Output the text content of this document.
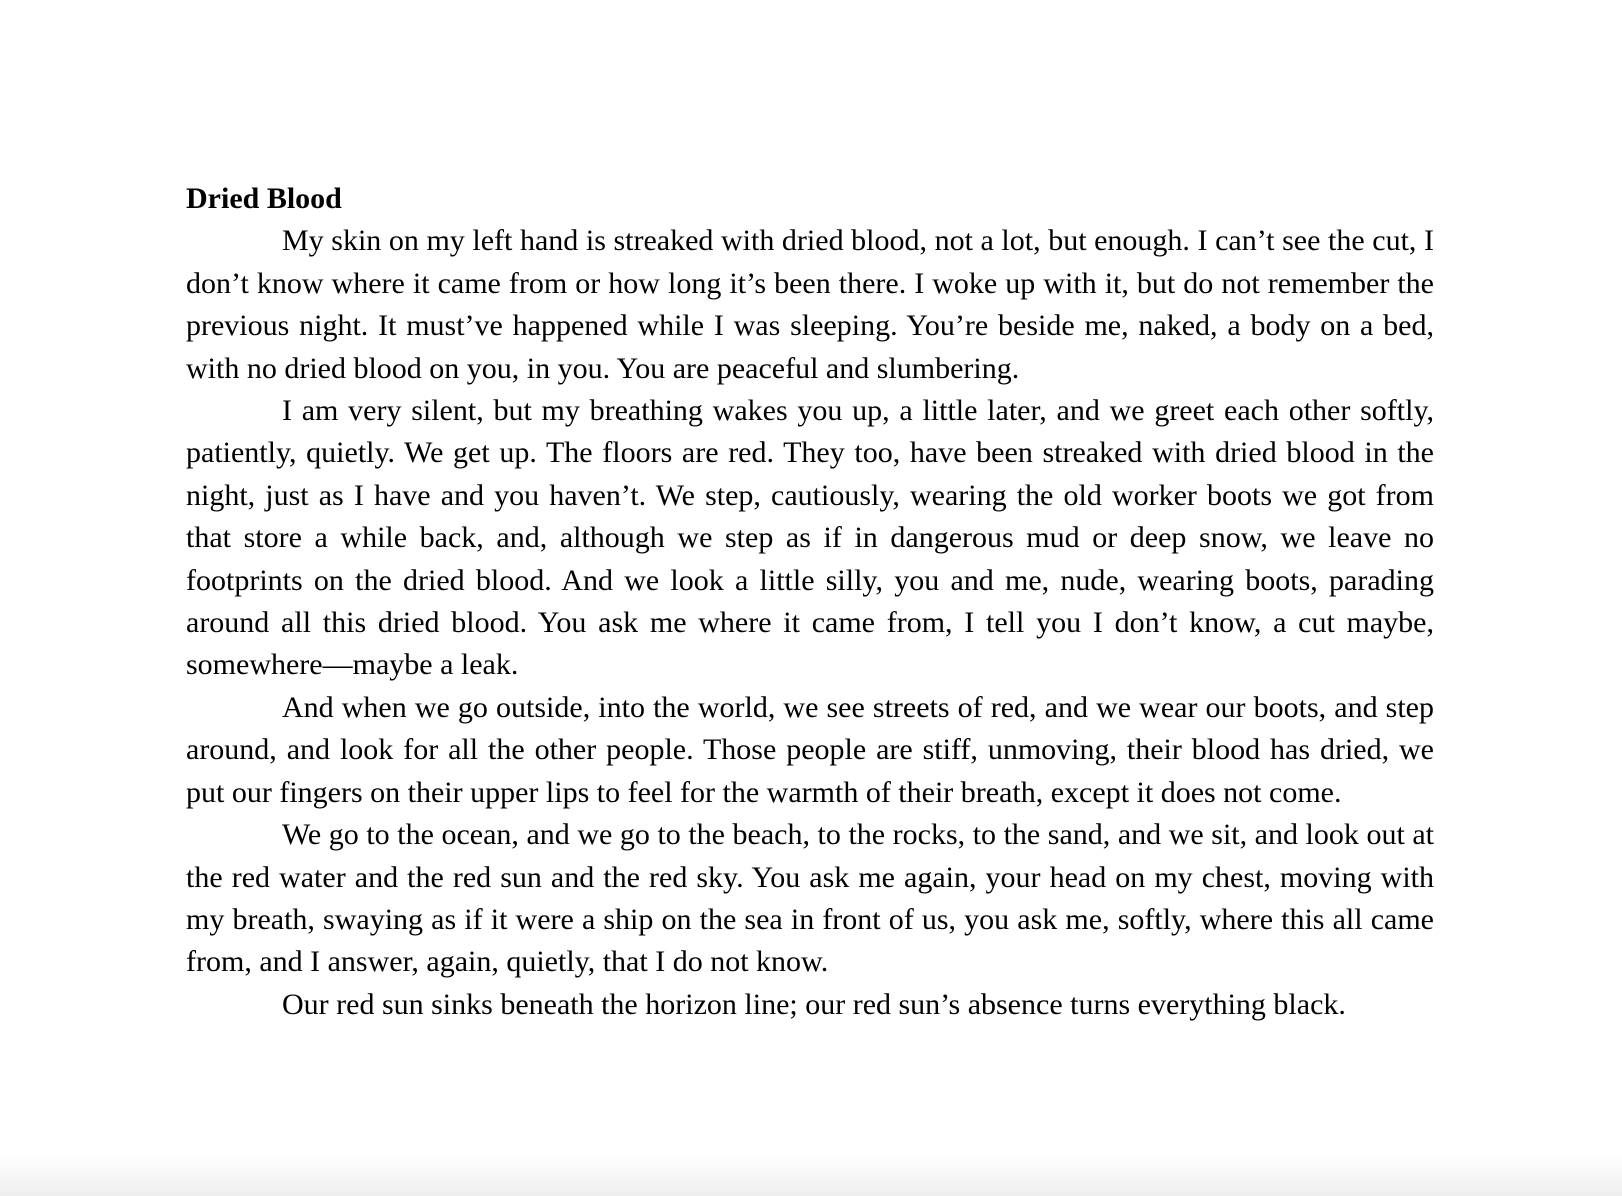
Dried Blood

My skin on my left hand is streaked with dried blood, not a lot, but enough. I can’t see the cut, I don’t know where it came from or how long it’s been there. I woke up with it, but do not remember the previous night. It must’ve happened while I was sleeping. You’re beside me, naked, a body on a bed, with no dried blood on you, in you. You are peaceful and slumbering.

I am very silent, but my breathing wakes you up, a little later, and we greet each other softly, patiently, quietly. We get up. The floors are red. They too, have been streaked with dried blood in the night, just as I have and you haven’t. We step, cautiously, wearing the old worker boots we got from that store a while back, and, although we step as if in dangerous mud or deep snow, we leave no footprints on the dried blood. And we look a little silly, you and me, nude, wearing boots, parading around all this dried blood. You ask me where it came from, I tell you I don’t know, a cut maybe, somewhere—maybe a leak.

And when we go outside, into the world, we see streets of red, and we wear our boots, and step around, and look for all the other people. Those people are stiff, unmoving, their blood has dried, we put our fingers on their upper lips to feel for the warmth of their breath, except it does not come.

We go to the ocean, and we go to the beach, to the rocks, to the sand, and we sit, and look out at the red water and the red sun and the red sky. You ask me again, your head on my chest, moving with my breath, swaying as if it were a ship on the sea in front of us, you ask me, softly, where this all came from, and I answer, again, quietly, that I do not know.

Our red sun sinks beneath the horizon line; our red sun’s absence turns everything black.
